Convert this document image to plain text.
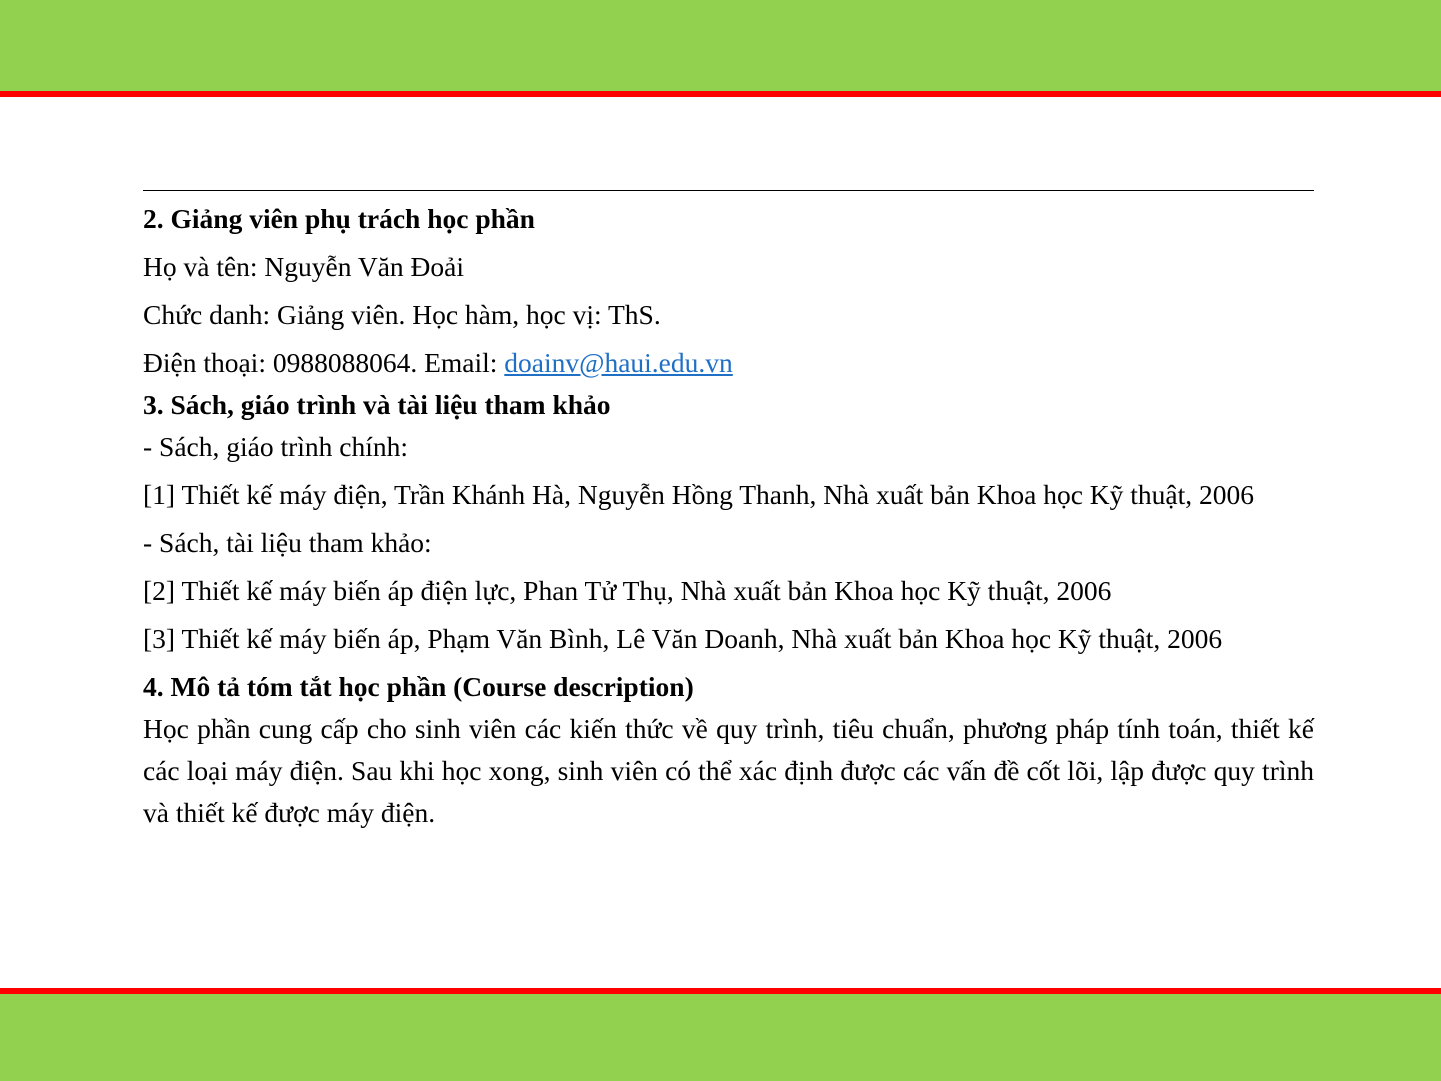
2. Giảng viên phụ trách học phần

Họ và tên: Nguyễn Văn Đoải

Chức danh: Giảng viên. Học hàm, học vị: ThS.

Điện thoại: 0988088064. Email: doainv@haui.edu.vn

3. Sách, giáo trình và tài liệu tham khảo

- Sách, giáo trình chính:

[1] Thiết kế máy điện, Trần Khánh Hà, Nguyễn Hồng Thanh, Nhà xuất bản Khoa học Kỹ thuật, 2006

- Sách, tài liệu tham khảo:

[2] Thiết kế máy biến áp điện lực, Phan Tử Thụ, Nhà xuất bản Khoa học Kỹ thuật, 2006

[3] Thiết kế máy biến áp, Phạm Văn Bình, Lê Văn Doanh, Nhà xuất bản Khoa học Kỹ thuật, 2006

4. Mô tả tóm tắt học phần (Course description)

Học phần cung cấp cho sinh viên các kiến thức về quy trình, tiêu chuẩn, phương pháp tính toán, thiết kế các loại máy điện. Sau khi học xong, sinh viên có thể xác định được các vấn đề cốt lõi, lập được quy trình và thiết kế được máy điện.
